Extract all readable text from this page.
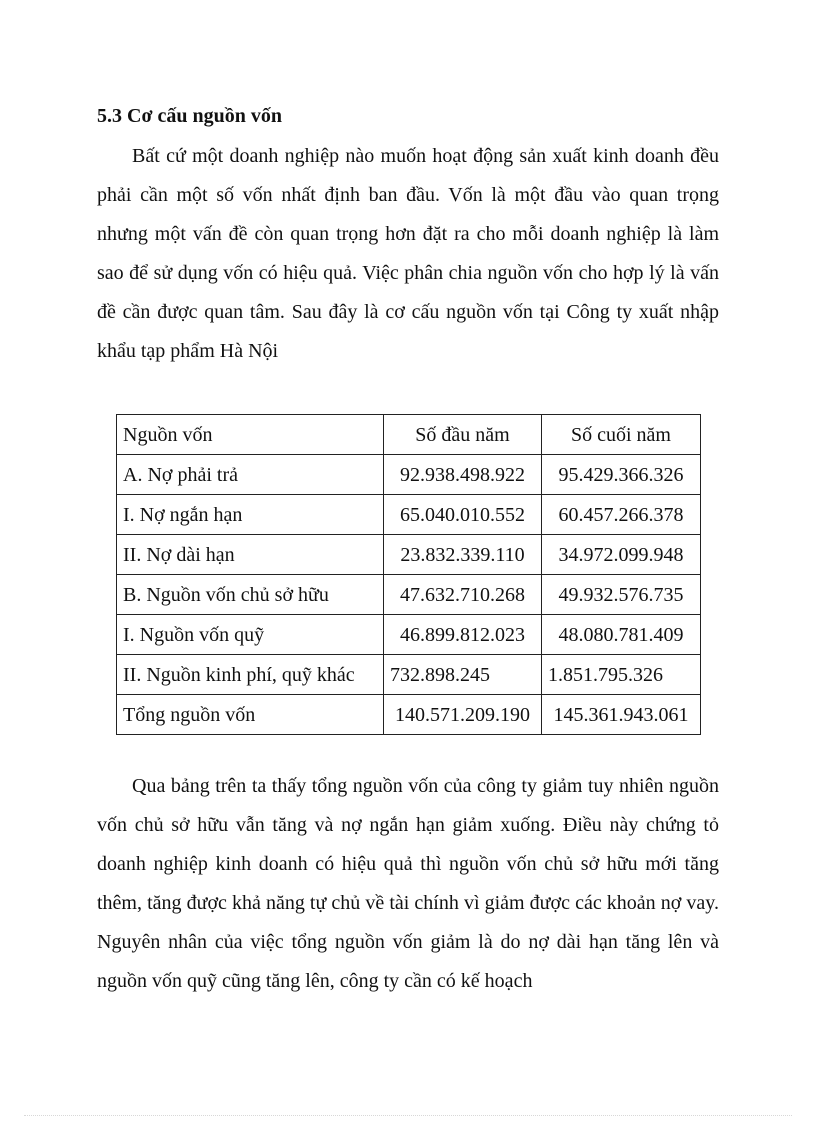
5.3 Cơ cấu nguồn vốn

Bất cứ một doanh nghiệp nào muốn hoạt động sản xuất kinh doanh đều phải cần một số vốn nhất định ban đầu. Vốn là một đầu vào quan trọng nhưng một vấn đề còn quan trọng hơn đặt ra cho mỗi doanh nghiệp là làm sao để sử dụng vốn có hiệu quả. Việc phân chia nguồn vốn cho hợp lý là vấn đề cần được quan tâm. Sau đây là cơ cấu nguồn vốn tại Công ty xuất nhập khẩu tạp phẩm Hà Nội

Nguồn vốn	Số đầu năm	Số cuối năm
A. Nợ phải trả	92.938.498.922	95.429.366.326
I. Nợ ngắn hạn	65.040.010.552	60.457.266.378
II. Nợ dài hạn	23.832.339.110	34.972.099.948
B. Nguồn vốn chủ sở hữu	47.632.710.268	49.932.576.735
I. Nguồn vốn quỹ	46.899.812.023	48.080.781.409
II. Nguồn kinh phí, quỹ khác	732.898.245	1.851.795.326
Tổng nguồn vốn	140.571.209.190	145.361.943.061

Qua bảng trên ta thấy tổng nguồn vốn của công ty giảm tuy nhiên nguồn vốn chủ sở hữu vẫn tăng và nợ ngắn hạn giảm xuống. Điều này chứng tỏ doanh nghiệp kinh doanh có hiệu quả thì nguồn vốn chủ sở hữu mới tăng thêm, tăng được khả năng tự chủ về tài chính vì giảm được các khoản nợ vay. Nguyên nhân của việc tổng nguồn vốn giảm là do nợ dài hạn tăng lên và nguồn vốn quỹ cũng tăng lên, công ty cần có kế hoạch
